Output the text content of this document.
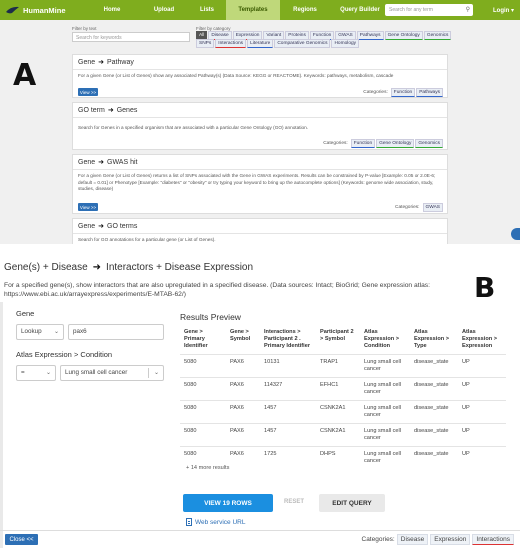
HumanMine	Home	Upload	Lists	Templates	Regions	Query Builder	Search for any term	⚲	Login ▾
Filter by text
Search for keywords
Filter by category
All	Disease	Expression	Variant	Proteins	Function	GWAS	Pathways	Gene Ontology	Genomics
SNPs	Interactions	Literature	Comparative Genomics	Homology
A	Gene ➜ Pathway
For a given Gene (or List of Genes) show any associated Pathway(s) (Data Source: KEGG or REACTOME). Keywords: pathways, metabolism, cascade
View >>	Categories:	Function	Pathways
GO term ➜ Genes
Search for Genes in a specified organism that are associated with a particular Gene Ontology (GO) annotation.
Categories:	Function	Gene Ontology	Genomics
Gene ➜ GWAS hit
For a given Gene (or List of Genes) returns a list of SNPs associated with the Gene in GWAS experiments. Results can be constrained by P-value [Example: 0.05 or 2.0E-6; default = 0.01] or Phenotype [Example: "diabetes" or "obesity" or try typing your keyword to bring up the autocomplete options] (Keywords: genome wide association, study, studies, disease)
View >>	Categories:	GWAS
Gene ➜ GO terms
Search for GO annotations for a particular gene (or List of Genes).
Gene(s) + Disease ➜ Interactors + Disease Expression
For a specified gene(s), show interactors that are also upregulated in a specified disease. (Data sources: Intact; BioGrid; Gene expression atlas: https://www.ebi.ac.uk/arrayexpress/experiments/E-MTAB-62/)	B
Gene
Lookup ⌄	pax6
Atlas Expression > Condition
=	⌄	Lung small cell cancer	⌄
Results Preview
Gene > Primary Identifier	Gene > Symbol	Interactions > Participant 2 . Primary Identifier	Participant 2 > Symbol	Atlas Expression > Condition	Atlas Expression > Type	Atlas Expression > Expression
5080	PAX6	10131	TRAP1	Lung small cell cancer	disease_state	UP
5080	PAX6	114327	EFHC1	Lung small cell cancer	disease_state	UP
5080	PAX6	1457	CSNK2A1	Lung small cell cancer	disease_state	UP
5080	PAX6	1457	CSNK2A1	Lung small cell cancer	disease_state	UP
5080	PAX6	1725	DHPS	Lung small cell cancer	disease_state	UP
+ 14 more results
VIEW 19 ROWS	RESET	EDIT QUERY
Web service URL
Close <<	Categories: Disease	Expression	Interactions
